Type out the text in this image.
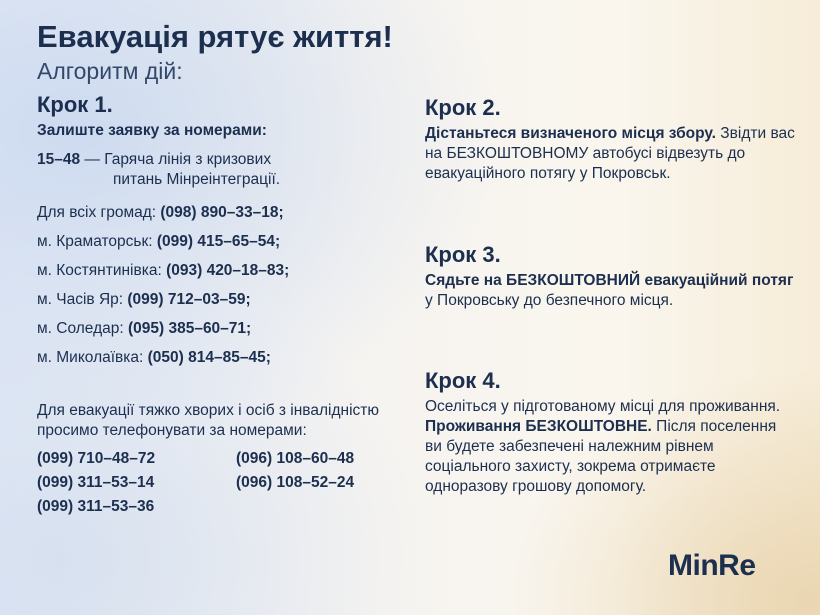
Евакуація рятує життя!
Алгоритм дій:
Крок 1.
Залиште заявку за номерами:
15–48 — Гаряча лінія з кризових
питань Мінреінтеграції.
Для всіх громад: (098) 890–33–18;
м. Краматорськ: (099) 415–65–54;
м. Костянтинівка: (093) 420–18–83;
м. Часів Яр: (099) 712–03–59;
м. Соледар: (095) 385–60–71;
м. Миколаївка: (050) 814–85–45;
Для евакуації тяжко хворих і осіб з інвалідністю просимо телефонувати за номерами:
(099) 710–48–72	(096) 108–60–48
(099) 311–53–14	(096) 108–52–24
(099) 311–53–36
Крок 2.
Дістаньтеся визначеного місця збору. Звідти вас на БЕЗКОШТОВНОМУ автобусі відвезуть до евакуаційного потягу у Покровськ.
Крок 3.
Сядьте на БЕЗКОШТОВНИЙ евакуаційний потяг у Покровську до безпечного місця.
Крок 4.
Оселіться у підготованому місці для проживання. Проживання БЕЗКОШТОВНЕ. Після поселення ви будете забезпечені належним рівнем соціального захисту, зокрема отримаєте одноразову грошову допомогу.
MinRe
